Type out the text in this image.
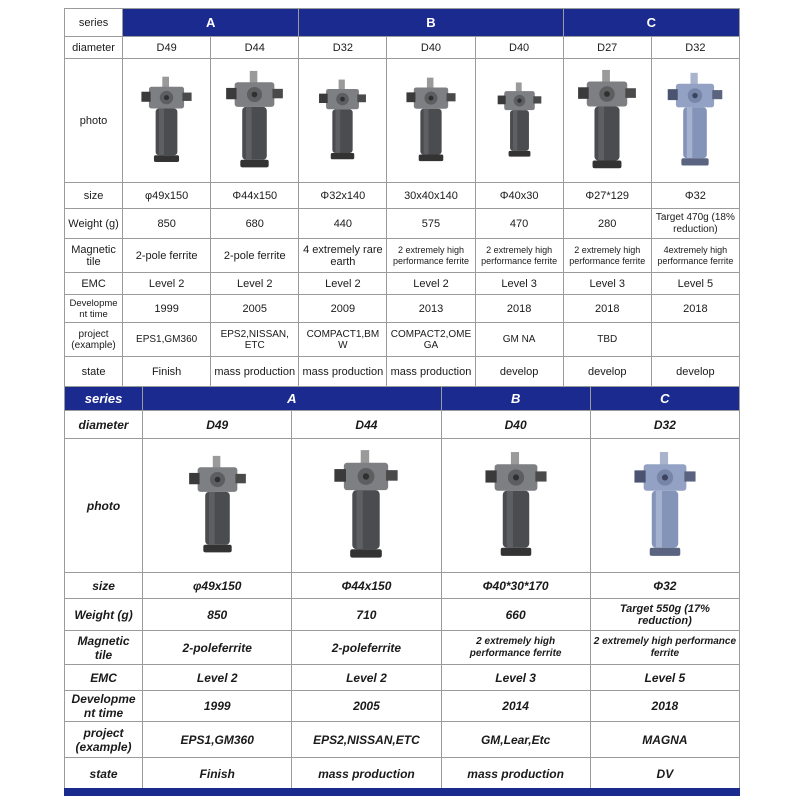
series	A		B			C	
diameter	D49	D44	D32	D40	D40	D27	D32
photo							
size	φ49x150	Φ44x150	Φ32x140	30x40x140	Φ40x30	Φ27*129	Φ32
Weight (g)	850	680	440	575	470	280	Target 470g (18% reduction)
Magnetic tile	2-pole ferrite	2-pole ferrite	4 extremely rare earth	2 extremely high performance ferrite	2 extremely high performance ferrite	2 extremely high performance ferrite	4extremely high performance ferrite
EMC	Level 2	Level 2	Level 2	Level 2	Level 3	Level 3	Level 5
Development time	1999	2005	2009	2013	2018	2018	2018
project (example)	EPS1,GM360	EPS2,NISSAN, ETC	COMPACT1,BMW	COMPACT2,OMEGA	GM NA	TBD	
state	Finish	mass production	mass production	mass production	develop	develop	develop
series	A		B	C
diameter	D49	D44	D40	D32
photo				
size	φ49x150	Φ44x150	Φ40*30*170	Φ32
Weight (g)	850	710	660	Target 550g (17% reduction)
Magnetic tile	2-poleferrite	2-poleferrite	2 extremely high performance ferrite	2 extremely high performance ferrite
EMC	Level 2	Level 2	Level 3	Level 5
Development time	1999	2005	2014	2018
project (example)	EPS1,GM360	EPS2,NISSAN,ETC	GM,Lear,Etc	MAGNA
state	Finish	mass production	mass production	DV
